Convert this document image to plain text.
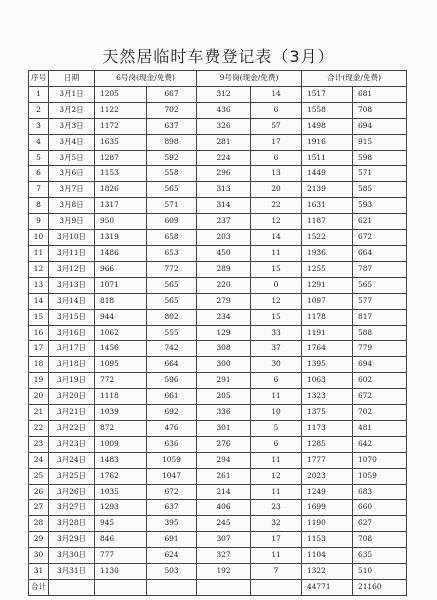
天然居临时车费登记表（3月）
序号	日期	6号岗(现金/免费)		9号岗(现金/免费)		合计(现金/免费)	
1	3月1日	1205	667	312	14	1517	681
2	3月2日	1122	702	436	6	1558	708
3	3月3日	1172	637	326	57	1498	694
4	3月4日	1635	898	281	17	1916	915
5	3月5日	1287	592	224	6	1511	598
6	3月6日	1153	558	296	13	1449	571
7	3月7日	1826	565	313	20	2139	585
8	3月8日	1317	571	314	22	1631	593
9	3月9日	950	609	237	12	1187	621
10	3月10日	1319	658	203	14	1522	672
11	3月11日	1486	653	450	11	1936	664
12	3月12日	966	772	289	15	1255	787
13	3月13日	1071	565	220	0	1291	565
14	3月14日	818	565	279	12	1097	577
15	3月15日	944	802	234	15	1178	817
16	3月16日	1062	555	129	33	1191	588
17	3月17日	1456	742	308	37	1764	779
18	3月18日	1095	664	300	30	1395	694
19	3月19日	772	596	291	6	1063	602
20	3月20日	1118	661	205	11	1323	672
21	3月21日	1039	692	336	10	1375	702
22	3月22日	872	476	301	5	1173	481
23	3月23日	1009	636	276	6	1285	642
24	3月24日	1483	1059	294	11	1777	1070
25	3月25日	1762	1047	261	12	2023	1059
26	3月26日	1035	672	214	11	1249	683
27	3月27日	1293	637	406	23	1699	660
28	3月28日	945	395	245	32	1190	627
29	3月29日	846	691	307	17	1153	708
30	3月30日	777	624	327	11	1104	635
31	3月31日	1130	503	192	7	1322	510
合计						44771	21160
